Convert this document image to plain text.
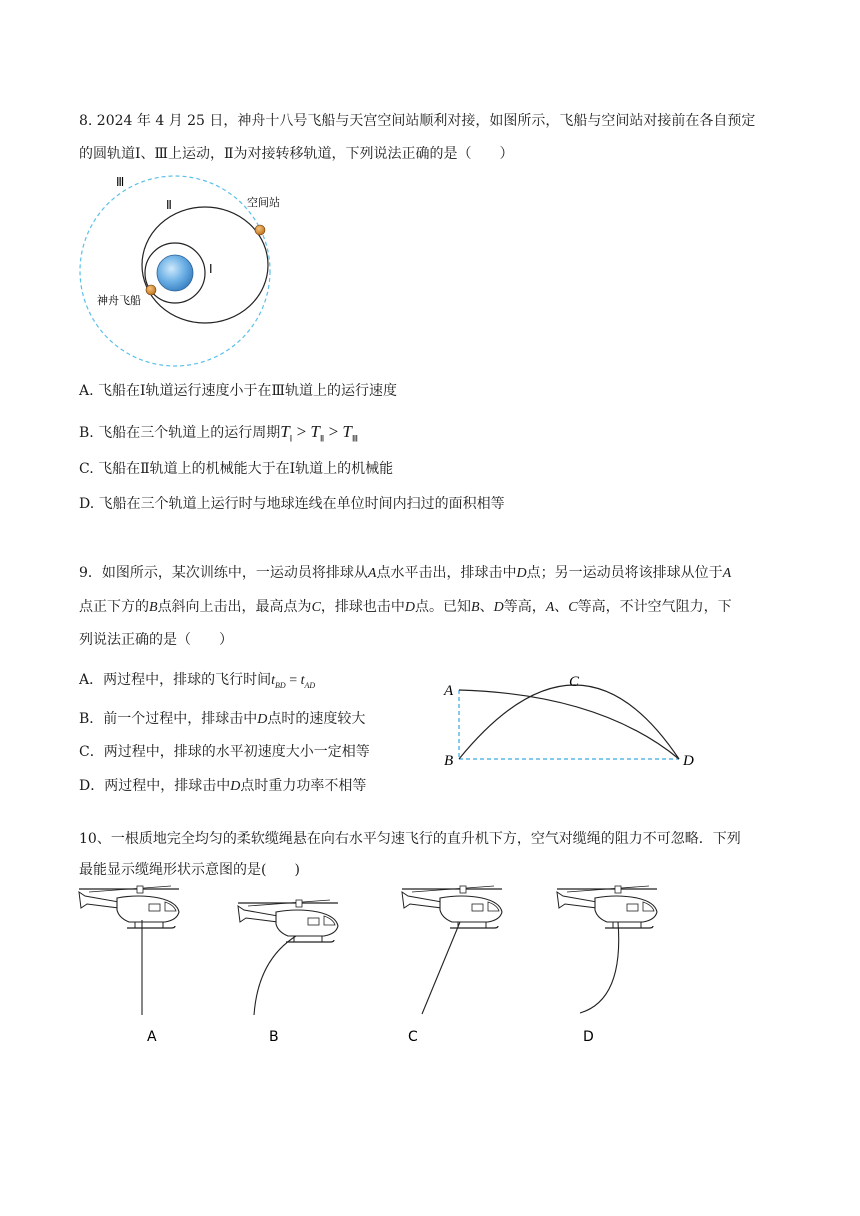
8. 2024 年 4 月 25 日，神舟十八号飞船与天宫空间站顺利对接，如图所示，飞船与空间站对接前在各自预定
的圆轨道Ⅰ、Ⅲ上运动，Ⅱ为对接转移轨道，下列说法正确的是（　　）
Ⅲ
Ⅱ
Ⅰ
空间站
神舟飞船
A. 飞船在Ⅰ轨道运行速度小于在Ⅲ轨道上的运行速度
B. 飞船在三个轨道上的运行周期$T_Ⅰ > T_Ⅱ > T_Ⅲ$
C. 飞船在Ⅱ轨道上的机械能大于在Ⅰ轨道上的机械能
D. 飞船在三个轨道上运行时与地球连线在单位时间内扫过的面积相等
9．如图所示，某次训练中，一运动员将排球从A点水平击出，排球击中D点；另一运动员将该排球从位于A
点正下方的B点斜向上击出，最高点为C，排球也击中D点。已知B、D等高，A、C等高，不计空气阻力，下
列说法正确的是（　　）
A．两过程中，排球的飞行时间$t_{BD} = t_{AD}$
B．前一个过程中，排球击中D点时的速度较大
C．两过程中，排球的水平初速度大小一定相等
D．两过程中，排球击中D点时重力功率不相等
A
B
C
D
10、一根质地完全均匀的柔软缆绳悬在向右水平匀速飞行的直升机下方，空气对缆绳的阻力不可忽略．下列
最能显示缆绳形状示意图的是(　　)
A	B	C	D
